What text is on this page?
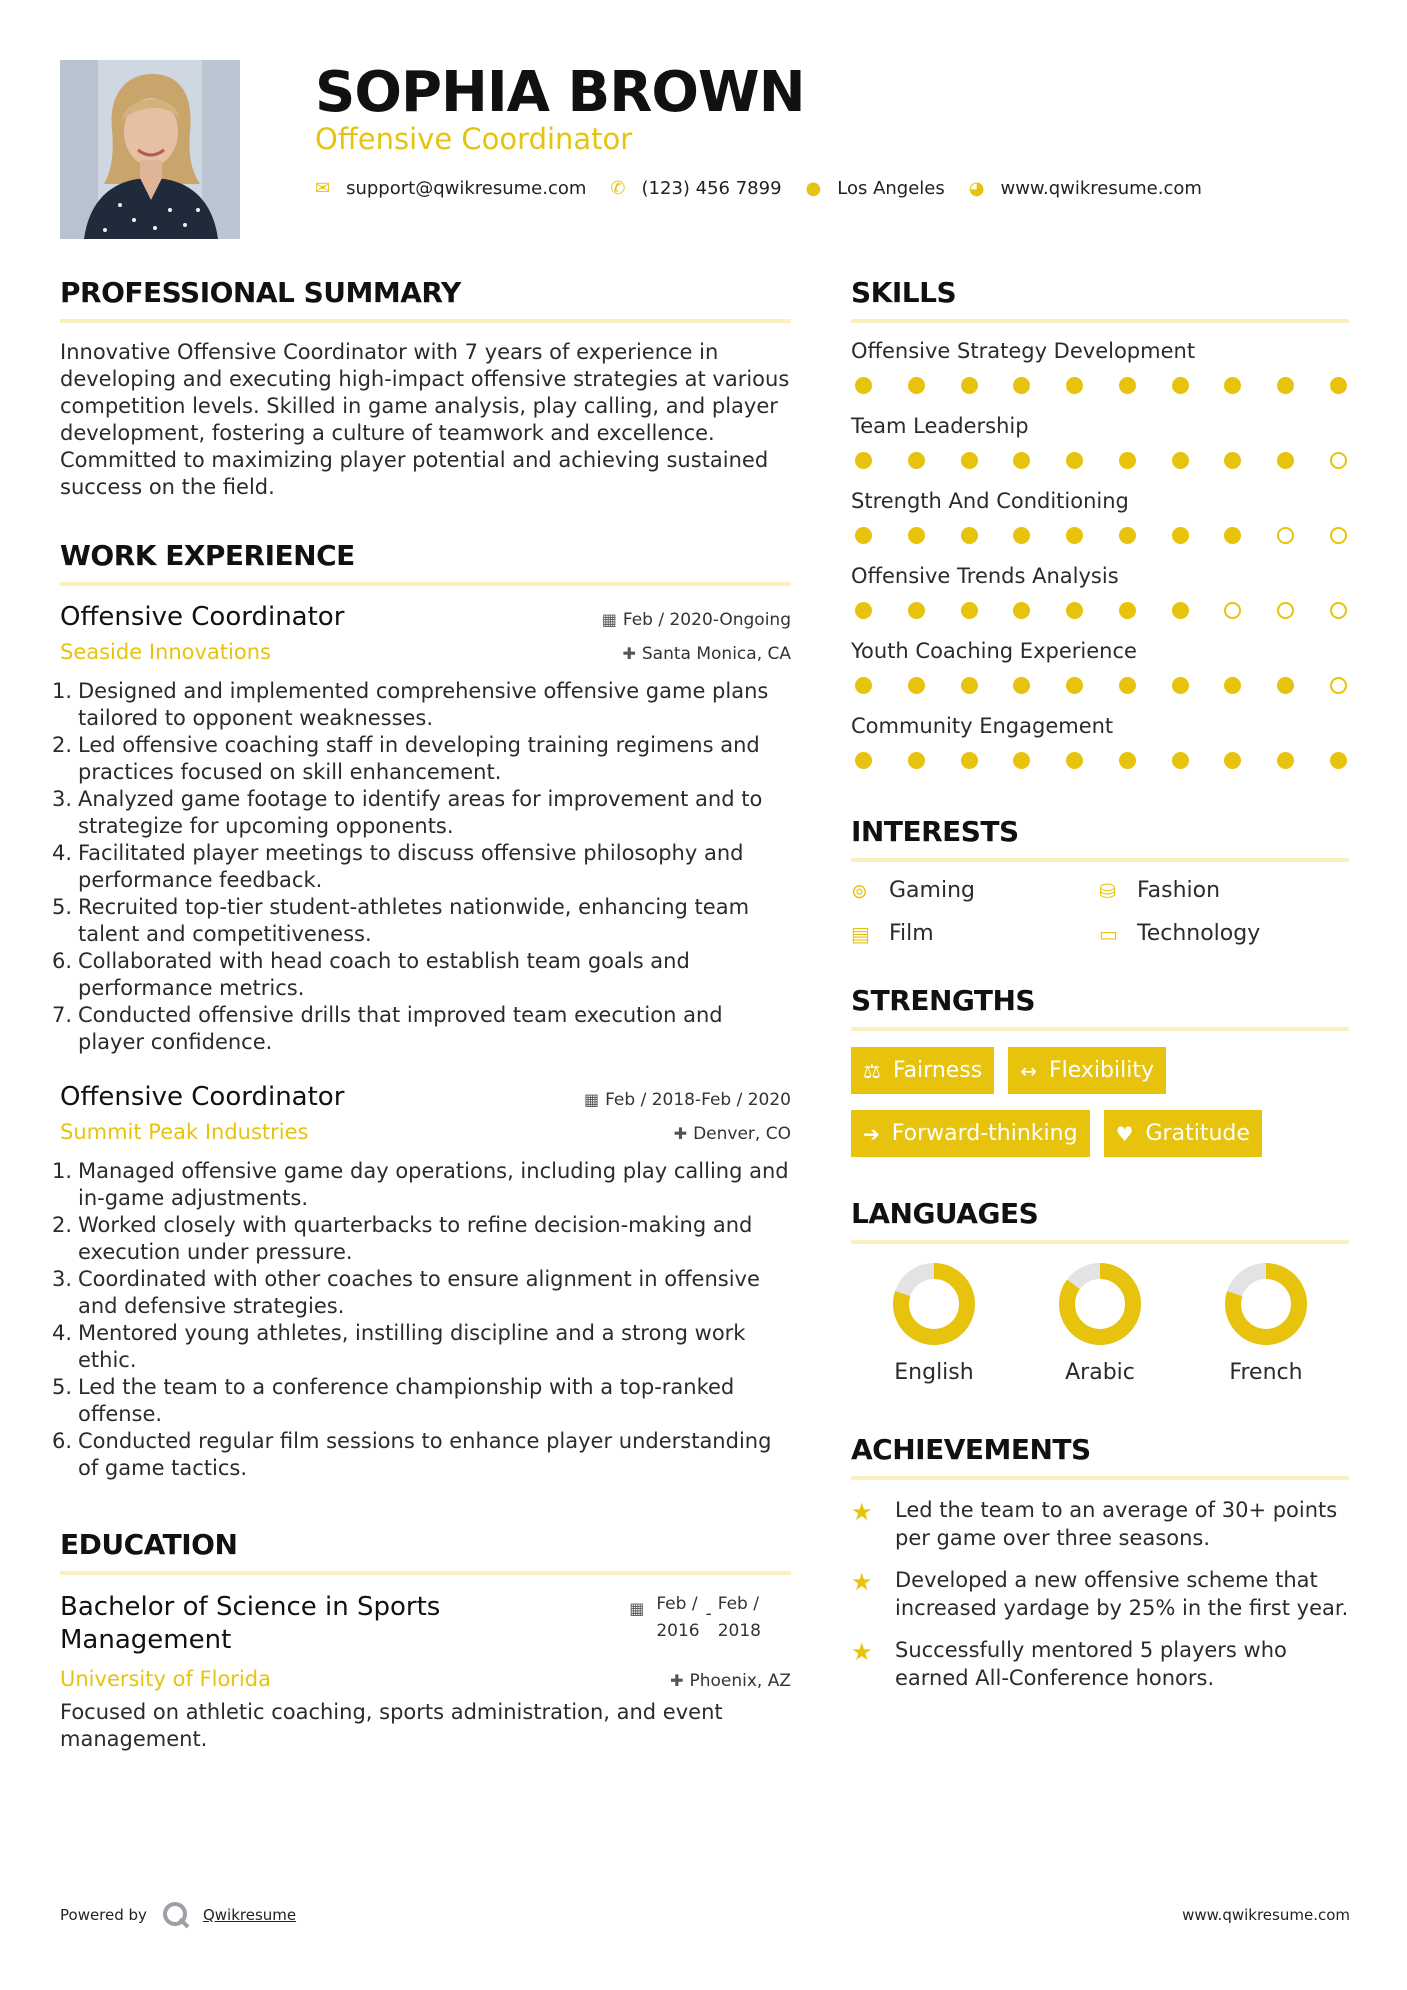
SOPHIA BROWN
Offensive Coordinator
✉ support@qwikresume.com ✆ (123) 456 7899 ● Los Angeles ◕ www.qwikresume.com
PROFESSIONAL SUMMARY

Innovative Offensive Coordinator with 7 years of experience in developing and executing high-impact offensive strategies at various competition levels. Skilled in game analysis, play calling, and player development, fostering a culture of teamwork and excellence. Committed to maximizing player potential and achieving sustained success on the field.

WORK EXPERIENCE
Offensive Coordinator	▦ Feb / 2020-Ongoing
Seaside Innovations	✚ Santa Monica, CA
1. Designed and implemented comprehensive offensive game plans tailored to opponent weaknesses.
2. Led offensive coaching staff in developing training regimens and practices focused on skill enhancement.
3. Analyzed game footage to identify areas for improvement and to strategize for upcoming opponents.
4. Facilitated player meetings to discuss offensive philosophy and performance feedback.
5. Recruited top-tier student-athletes nationwide, enhancing team talent and competitiveness.
6. Collaborated with head coach to establish team goals and performance metrics.
7. Conducted offensive drills that improved team execution and player confidence.
Offensive Coordinator	▦ Feb / 2018-Feb / 2020
Summit Peak Industries	✚ Denver, CO
1. Managed offensive game day operations, including play calling and in-game adjustments.
2. Worked closely with quarterbacks to refine decision-making and execution under pressure.
3. Coordinated with other coaches to ensure alignment in offensive and defensive strategies.
4. Mentored young athletes, instilling discipline and a strong work ethic.
5. Led the team to a conference championship with a top-ranked offense.
6. Conducted regular film sessions to enhance player understanding of game tactics.
EDUCATION
Bachelor of Science in Sports Management
▦ Feb /
2016
- Feb /
2018
University of Florida	✚ Phoenix, AZ

Focused on athletic coaching, sports administration, and event management.

SKILLS
Offensive Strategy Development
Team Leadership
Strength And Conditioning
Offensive Trends Analysis
Youth Coaching Experience
Community Engagement
INTERESTS
⊚ Gaming	⛁ Fashion
▤ Film	▭ Technology
STRENGTHS
⚖ Fairness ↔ Flexibility
➔ Forward-thinking ♥ Gratitude
LANGUAGES
English	Arabic	French
ACHIEVEMENTS
★	Led the team to an average of 30+ points per game over three seasons.
★	Developed a new offensive scheme that increased yardage by 25% in the first year.
★	Successfully mentored 5 players who earned All-Conference honors.
Powered by	Qwikresume	www.qwikresume.com
